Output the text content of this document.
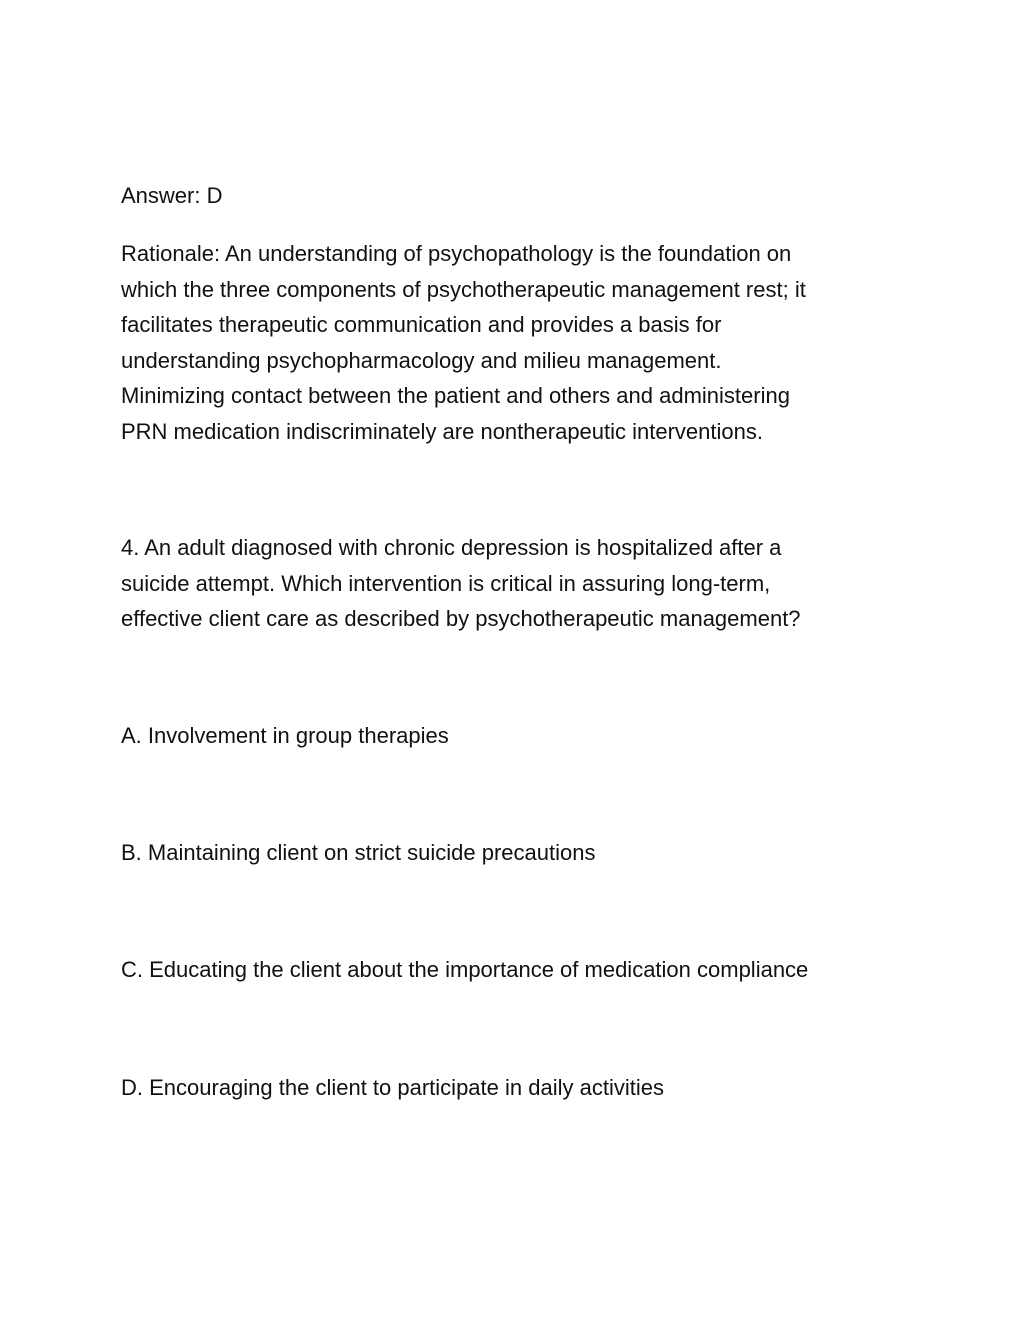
Answer: D

Rationale: An understanding of psychopathology is the foundation on
which the three components of psychotherapeutic management rest; it
facilitates therapeutic communication and provides a basis for
understanding psychopharmacology and milieu management.
Minimizing contact between the patient and others and administering
PRN medication indiscriminately are nontherapeutic interventions.

4. An adult diagnosed with chronic depression is hospitalized after a
suicide attempt. Which intervention is critical in assuring long-term,
effective client care as described by psychotherapeutic management?

A. Involvement in group therapies

B. Maintaining client on strict suicide precautions

C. Educating the client about the importance of medication compliance

D. Encouraging the client to participate in daily activities
